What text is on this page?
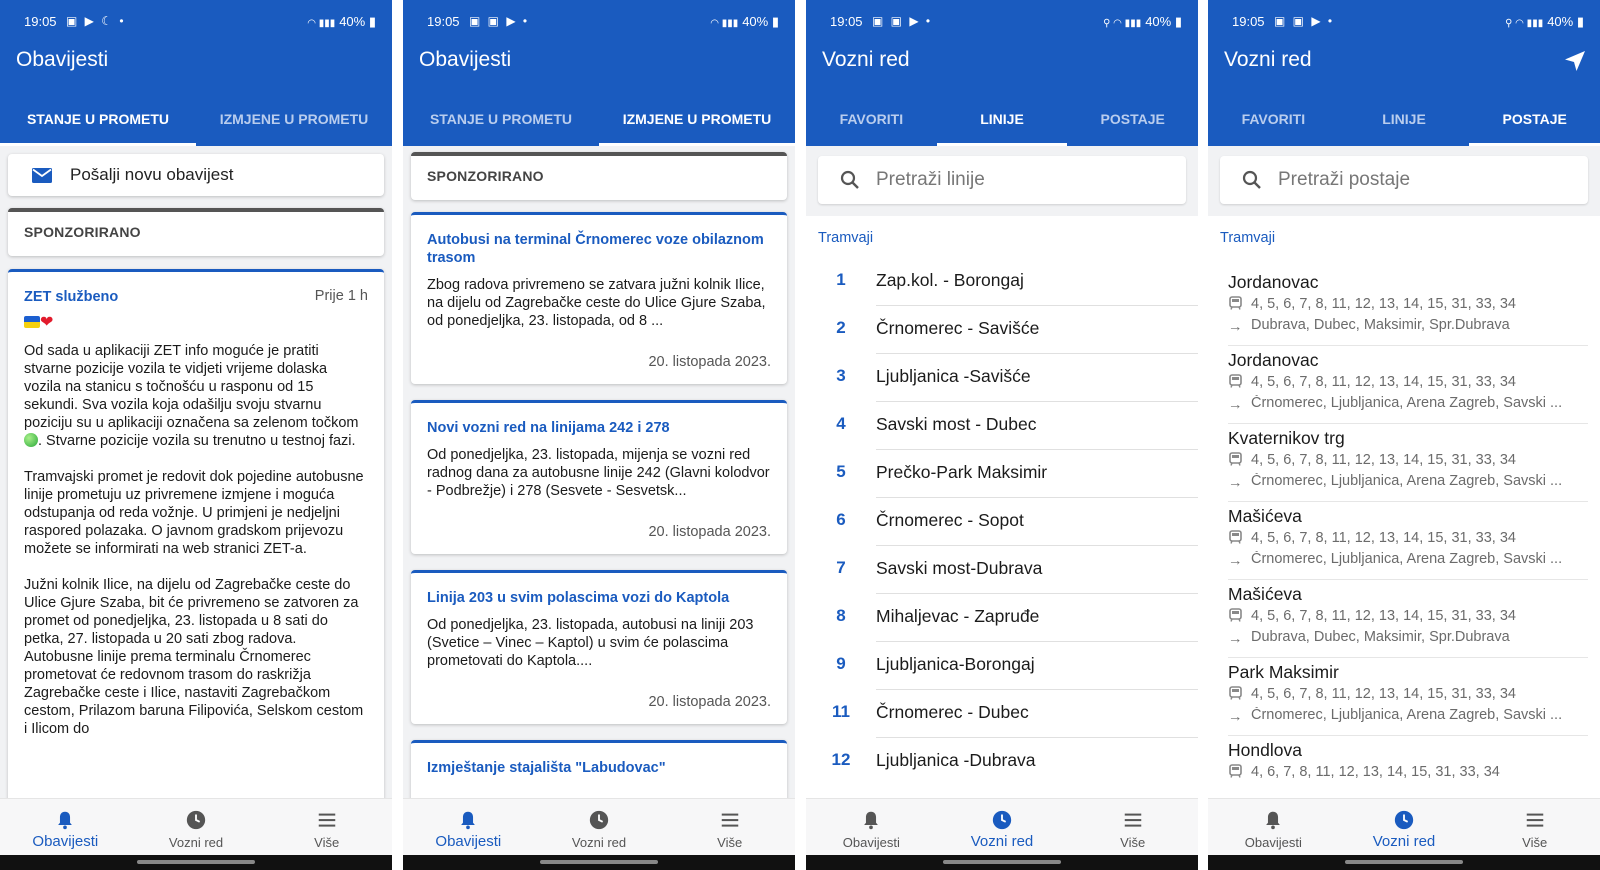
19:05 ▣ ▶ ☾ •	◠ ▮▮▮ 40% ▮
Obavijesti
STANJE U PROMETU	IZMJENE U PROMETU
Pošalji novu obavijest
SPONZORIRANO
ZET službeno	Prije 1 h
❤

Od sada u aplikaciji ZET info moguće je pratiti stvarne pozicije vozila te vidjeti vrijeme dolaska vozila na stanicu s točnošću u rasponu od 15 sekundi. Sva vozila koja odašilju svoju stvarnu poziciju su u aplikaciji označena sa zelenom točkom . Stvarne pozicije vozila su trenutno u testnoj fazi.

Tramvajski promet je redovit dok pojedine autobusne linije prometuju uz privremene izmjene i moguća odstupanja od reda vožnje. U primjeni je nedjeljni raspored polazaka. O javnom gradskom prijevozu možete se informirati na web stranici ZET-a.

Južni kolnik Ilice, na dijelu od Zagrebačke ceste do Ulice Gjure Szaba, bit će privremeno se zatvoren za promet od ponedjeljka, 23. listopada u 8 sati do petka, 27. listopada u 20 sati zbog radova. Autobusne linije prema terminalu Črnomerec prometovat će redovnom trasom do raskrižja Zagrebačke ceste i Ilice, nastaviti Zagrebačkom cestom, Prilazom baruna Filipovića, Selskom cestom i Ilicom do

Obavijesti	Vozni red	Više
19:05 ▣ ▣ ▶ •	◠ ▮▮▮ 40% ▮
Obavijesti
STANJE U PROMETU	IZMJENE U PROMETU
SPONZORIRANO
Autobusi na terminal Črnomerec voze obilaznom trasom
Zbog radova privremeno se zatvara južni kolnik Ilice, na dijelu od Zagrebačke ceste do Ulice Gjure Szaba, od ponedjeljka, 23. listopada, od 8 ...
20. listopada 2023.
Novi vozni red na linijama 242 i 278
Od ponedjeljka, 23. listopada, mijenja se vozni red radnog dana za autobusne linije 242 (Glavni kolodvor - Podbrežje) i 278 (Sesvete - Sesvetsk...
20. listopada 2023.
Linija 203 u svim polascima vozi do Kaptola
Od ponedjeljka, 23. listopada, autobusi na liniji 203 (Svetice – Vinec – Kaptol) u svim će polascima prometovati do Kaptola....
20. listopada 2023.
Izmještanje stajališta "Labudovac"
Obavijesti	Vozni red	Više
19:05 ▣ ▣ ▶ •	⚲ ◠ ▮▮▮ 40% ▮
Vozni red
FAVORITI	LINIJE	POSTAJE
Pretraži linije
Tramvaji
1	Zap.kol. - Borongaj
2	Črnomerec - Savišće
3	Ljubljanica -Savišće
4	Savski most - Dubec
5	Prečko-Park Maksimir
6	Črnomerec - Sopot
7	Savski most-Dubrava
8	Mihaljevac - Zapruđe
9	Ljubljanica-Borongaj
11 Črnomerec - Dubec
12 Ljubljanica -Dubrava
Obavijesti	Vozni red	Više
19:05 ▣ ▣ ▶ •	⚲ ◠ ▮▮▮ 40% ▮
Vozni red
FAVORITI	LINIJE	POSTAJE
Pretraži postaje
Tramvaji
Jordanovac
4, 5, 6, 7, 8, 11, 12, 13, 14, 15, 31, 33, 34
→ Dubrava, Dubec, Maksimir, Spr.Dubrava
Jordanovac
4, 5, 6, 7, 8, 11, 12, 13, 14, 15, 31, 33, 34
→ Črnomerec, Ljubljanica, Arena Zagreb, Savski ...
Kvaternikov trg
4, 5, 6, 7, 8, 11, 12, 13, 14, 15, 31, 33, 34
→ Črnomerec, Ljubljanica, Arena Zagreb, Savski ...
Mašićeva
4, 5, 6, 7, 8, 11, 12, 13, 14, 15, 31, 33, 34
→ Črnomerec, Ljubljanica, Arena Zagreb, Savski ...
Mašićeva
4, 5, 6, 7, 8, 11, 12, 13, 14, 15, 31, 33, 34
→ Dubrava, Dubec, Maksimir, Spr.Dubrava
Park Maksimir
4, 5, 6, 7, 8, 11, 12, 13, 14, 15, 31, 33, 34
→ Črnomerec, Ljubljanica, Arena Zagreb, Savski ...
Hondlova
4, 6, 7, 8, 11, 12, 13, 14, 15, 31, 33, 34
Obavijesti	Vozni red	Više
